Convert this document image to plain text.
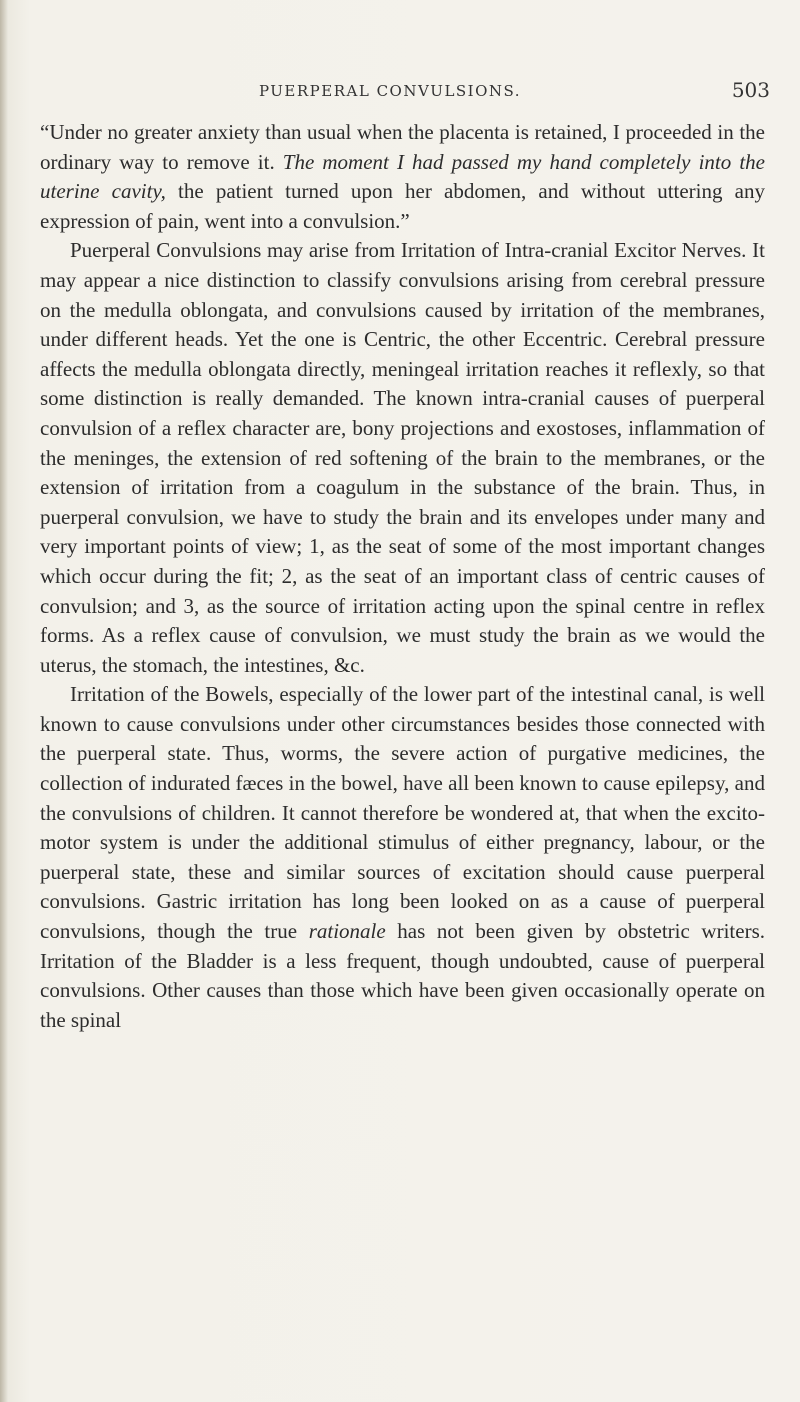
PUERPERAL CONVULSIONS.	503

“Under no greater anxiety than usual when the placenta is retained, I proceeded in the ordinary way to remove it. The moment I had passed my hand completely into the uterine cavity, the patient turned upon her abdomen, and without uttering any expression of pain, went into a convulsion.”

Puerperal Convulsions may arise from Irritation of Intra-cranial Excitor Nerves. It may appear a nice distinction to classify convulsions arising from cerebral pressure on the medulla oblongata, and convulsions caused by irritation of the membranes, under different heads. Yet the one is Centric, the other Eccentric. Cerebral pressure affects the medulla oblongata directly, meningeal irritation reaches it reflexly, so that some distinction is really demanded. The known intra-cranial causes of puerperal convulsion of a reflex character are, bony projections and exostoses, inflammation of the meninges, the extension of red softening of the brain to the membranes, or the extension of irritation from a coagulum in the substance of the brain. Thus, in puerperal convulsion, we have to study the brain and its envelopes under many and very important points of view; 1, as the seat of some of the most important changes which occur during the fit; 2, as the seat of an important class of centric causes of convulsion; and 3, as the source of irritation acting upon the spinal centre in reflex forms. As a reflex cause of convulsion, we must study the brain as we would the uterus, the stomach, the intestines, &c.

Irritation of the Bowels, especially of the lower part of the intestinal canal, is well known to cause convulsions under other circumstances besides those connected with the puerperal state. Thus, worms, the severe action of purgative medicines, the collection of indurated fæces in the bowel, have all been known to cause epilepsy, and the convulsions of children. It cannot therefore be wondered at, that when the excito-motor system is under the additional stimulus of either pregnancy, labour, or the puerperal state, these and similar sources of excitation should cause puerperal convulsions. Gastric irritation has long been looked on as a cause of puerperal convulsions, though the true rationale has not been given by obstetric writers. Irritation of the Bladder is a less frequent, though undoubted, cause of puerperal convulsions. Other causes than those which have been given occasionally operate on the spinal
